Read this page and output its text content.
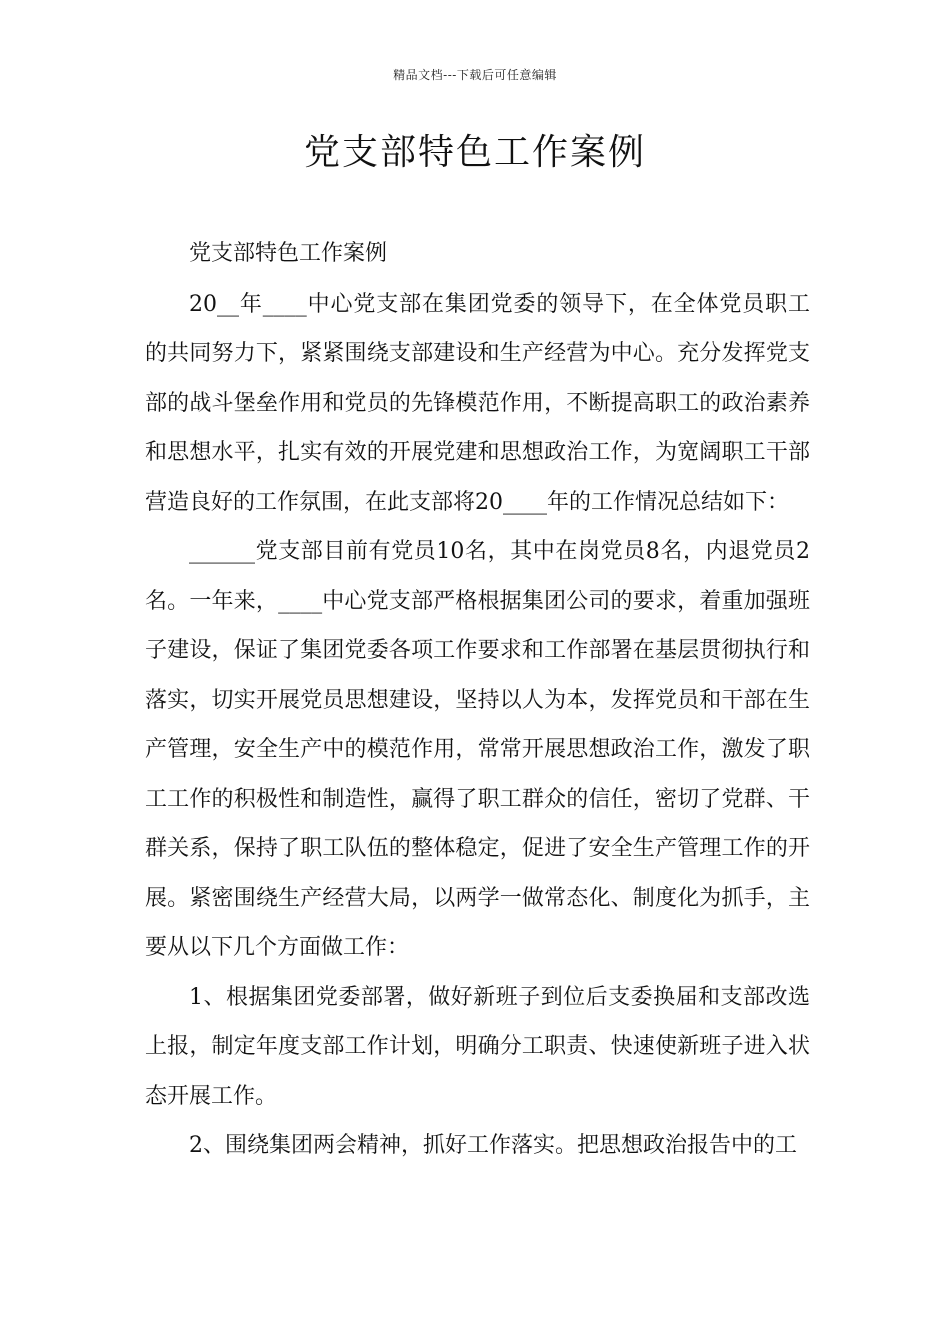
精品文档---下载后可任意编辑
党支部特色工作案例

党支部特色工作案例

20__年____中心党支部在集团党委的领导下，在全体党员职工的共同努力下，紧紧围绕支部建设和生产经营为中心。充分发挥党支部的战斗堡垒作用和党员的先锋模范作用，不断提高职工的政治素养和思想水平，扎实有效的开展党建和思想政治工作，为宽阔职工干部营造良好的工作氛围，在此支部将20____年的工作情况总结如下：

______党支部目前有党员10名，其中在岗党员8名，内退党员2名。一年来，____中心党支部严格根据集团公司的要求，着重加强班子建设，保证了集团党委各项工作要求和工作部署在基层贯彻执行和落实，切实开展党员思想建设，坚持以人为本，发挥党员和干部在生产管理，安全生产中的模范作用，常常开展思想政治工作，激发了职工工作的积极性和制造性，赢得了职工群众的信任，密切了党群、干群关系，保持了职工队伍的整体稳定，促进了安全生产管理工作的开展。紧密围绕生产经营大局，以两学一做常态化、制度化为抓手，主要从以下几个方面做工作：

1、根据集团党委部署，做好新班子到位后支委换届和支部改选上报，制定年度支部工作计划，明确分工职责、快速使新班子进入状态开展工作。

2、围绕集团两会精神，抓好工作落实。把思想政治报告中的工
